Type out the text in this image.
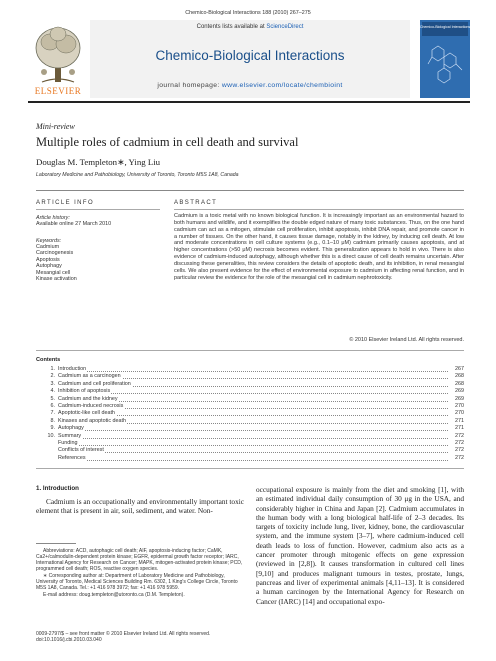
Chemico-Biological Interactions 188 (2010) 267–275
ELSEVIER
Contents lists available at ScienceDirect
Chemico-Biological Interactions
journal homepage: www.elsevier.com/locate/chembioint
Chemico-Biological Interactions
Mini-review
Multiple roles of cadmium in cell death and survival
Douglas M. Templeton∗, Ying Liu
Laboratory Medicine and Pathobiology, University of Toronto, Toronto M5S 1A8, Canada
ARTICLE INFO	ABSTRACT
Article history:
Available online 27 March 2010
Keywords:
Cadmium
Carcinogenesis
Apoptosis
Autophagy
Mesangial cell
Kinase activation
Cadmium is a toxic metal with no known biological function. It is increasingly important as an environmental hazard to both humans and wildlife, and it exemplifies the double edged nature of many toxic substances. Thus, on the one hand cadmium can act as a mitogen, stimulate cell proliferation, inhibit apoptosis, inhibit DNA repair, and promote cancer in a number of tissues. On the other hand, it causes tissue damage, notably in the kidney, by inducing cell death. At low and moderate concentrations in cell culture systems (e.g., 0.1–10 μM) cadmium primarily causes apoptosis, and at higher concentrations (>50 μM) necrosis becomes evident. This generalization appears to hold in vivo. There is also evidence of cadmium-induced autophagy, although whether this is a direct cause of cell death remains uncertain. After discussing these generalities, this review considers the details of apoptotic death, and its inhibition, in renal mesangial cells. We also present evidence for the effect of environmental exposure to cadmium in affecting renal function, and in particular review the evidence for the role of the mesangial cell in cadmium nephrotoxicity.
© 2010 Elsevier Ireland Ltd. All rights reserved.
Contents
1. Introduction	267
2. Cadmium as a carcinogen	268
3. Cadmium and cell proliferation	268
4. Inhibition of apoptosis	269
5. Cadmium and the kidney	269
6. Cadmium-induced necrosis	270
7. Apoptotic-like cell death	270
8. Kinases and apoptotic death	271
9. Autophagy	271
10. Summary	272
Funding	272
Conflicts of interest	272
References	272
1. Introduction
Cadmium is an occupationally and environmentally important toxic element that is present in air, soil, sediment, and water. Non-
occupational exposure is mainly from the diet and smoking [1], with an estimated individual daily consumption of 30 μg in the USA, and considerably higher in China and Japan [2]. Cadmium accumulates in the human body with a long biological half-life of 2–3 decades. Its targets of toxicity include lung, liver, kidney, bone, the cardiovascular system, and the immune system [3–7], where cadmium-induced cell death leads to loss of function. However, cadmium also acts as a cancer promoter through mitogenic effects on gene expression (reviewed in [2,8]). It causes transformation in cultured cell lines [9,10] and produces malignant tumours in testes, prostate, lungs, pancreas and liver of experimental animals [4,11–13]. It is considered a human carcinogen by the International Agency for Research on Cancer (IARC) [14] and occupational expo-
Abbreviations: ACD, autophagic cell death; AIF, apoptosis-inducing factor; CaMK, Ca2+/calmodulin-dependent protein kinase; EGFR, epidermal growth factor receptor; IARC, International Agency for Research on Cancer; MAPK, mitogen-activated protein kinase; PCD, programmed cell death; ROS, reactive oxygen species.
∗ Corresponding author at: Department of Laboratory Medicine and Pathobiology, University of Toronto, Medical Sciences Building Rm. 6302, 1 King's College Circle, Toronto M5S 1A8, Canada. Tel.: +1 416 978 3972; fax: +1 416 978 5959.
E-mail address: doug.templeton@utoronto.ca (D.M. Templeton).
0009-2797/$ – see front matter © 2010 Elsevier Ireland Ltd. All rights reserved.
doi:10.1016/j.cbi.2010.03.040
